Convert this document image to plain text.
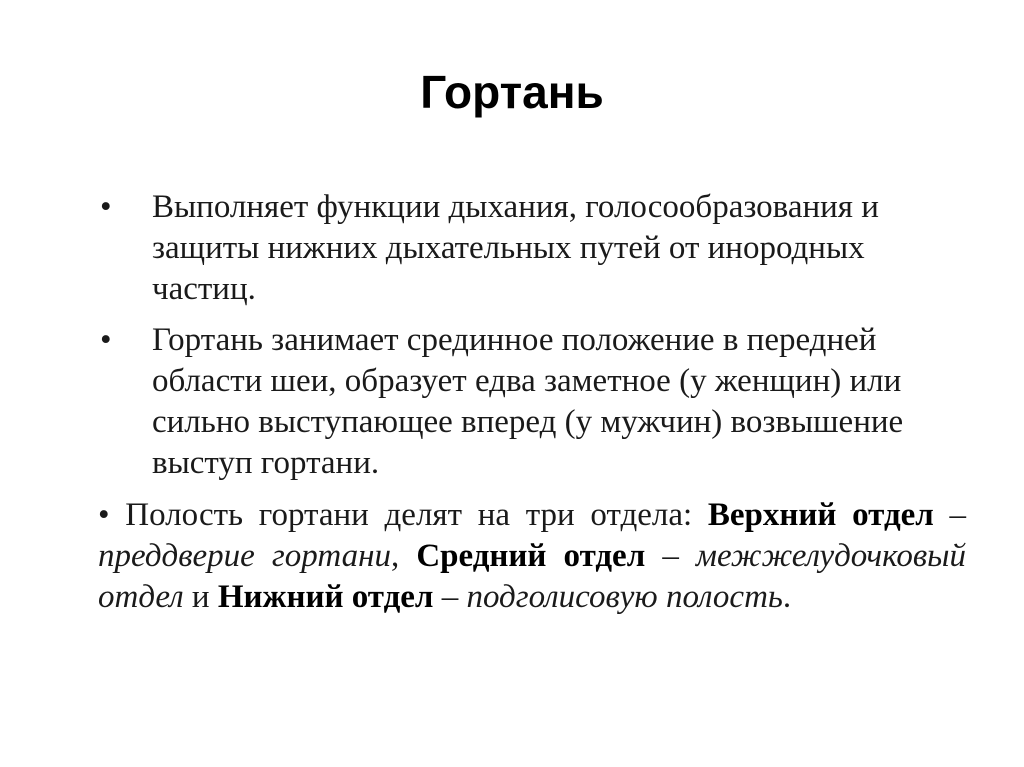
Гортань
•	Выполняет функции дыхания, голосообразования и защиты нижних дыхательных путей от инородных частиц.
•	Гортань занимает срединное положение в передней области шеи, образует едва заметное (у женщин) или сильно выступающее вперед (у мужчин) возвышение выступ гортани.
• Полость гортани делят на три отдела: Верхний отдел – преддверие гортани, Средний отдел – межжелудочковый отдел и Нижний отдел – подголисовую полость.
